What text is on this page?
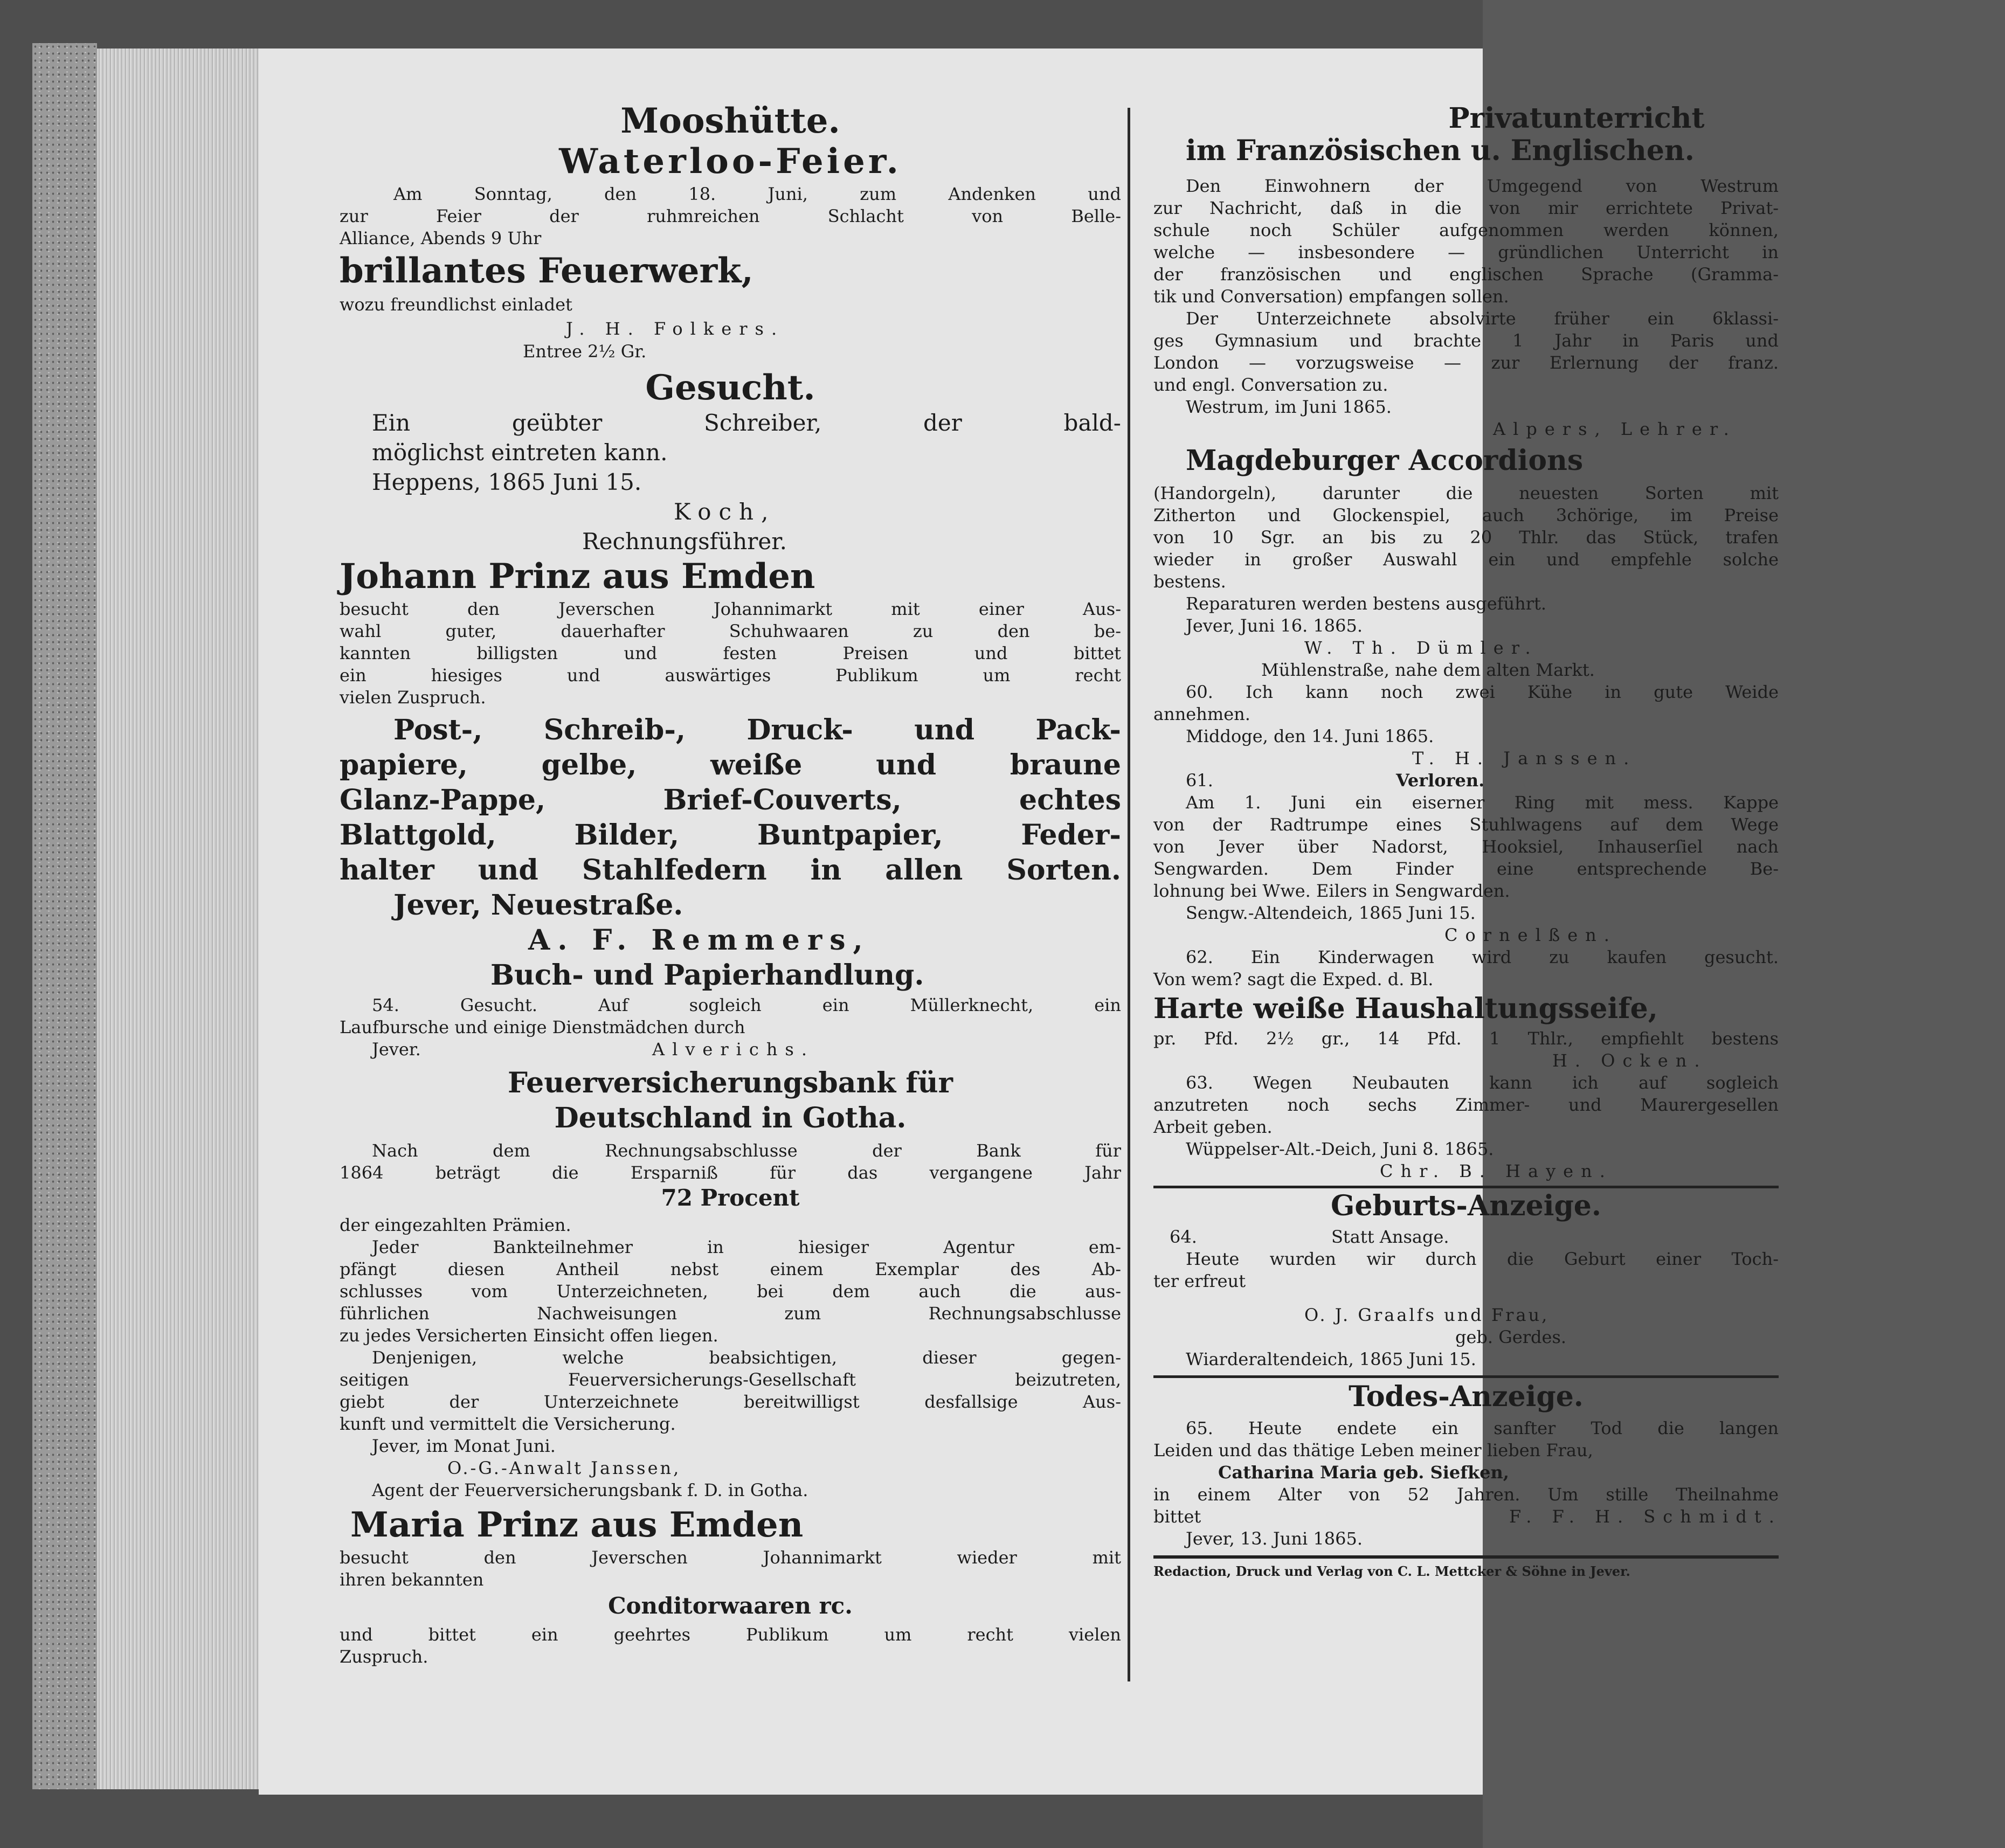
Mooshütte.
Waterloo-Feier.
Am Sonntag, den 18. Juni, zum Andenken und
zur Feier der ruhmreichen Schlacht von Belle-
Alliance, Abends 9 Uhr
brillantes Feuerwerk,
wozu freundlichst einladet
J. H. Folkers.
Entree 2½ Gr.
Gesucht.
Ein geübter Schreiber, der bald-
möglichst eintreten kann.
Heppens, 1865 Juni 15.
Koch,
Rechnungsführer.
Johann Prinz aus Emden
besucht den Jeverschen Johannimarkt mit einer Aus-
wahl guter, dauerhafter Schuhwaaren zu den be-
kannten billigsten und festen Preisen und bittet
ein hiesiges und auswärtiges Publikum um recht
vielen Zuspruch.
Post-, Schreib-, Druck- und Pack-
papiere, gelbe, weiße und braune
Glanz-Pappe, Brief-Couverts, echtes
Blattgold, Bilder, Buntpapier, Feder-
halter und Stahlfedern in allen Sorten.
Jever, Neuestraße.
A. F. Remmers,
Buch- und Papierhandlung.
54. Gesucht. Auf sogleich ein Müllerknecht, ein
Laufbursche und einige Dienstmädchen durch
Jever.	Alverichs.
Feuerversicherungsbank für
Deutschland in Gotha.
Nach dem Rechnungsabschlusse der Bank für
1864 beträgt die Ersparniß für das vergangene Jahr
72 Procent
der eingezahlten Prämien.
Jeder Bankteilnehmer in hiesiger Agentur em-
pfängt diesen Antheil nebst einem Exemplar des Ab-
schlusses vom Unterzeichneten, bei dem auch die aus-
führlichen Nachweisungen zum Rechnungsabschlusse
zu jedes Versicherten Einsicht offen liegen.
Denjenigen, welche beabsichtigen, dieser gegen-
seitigen Feuerversicherungs-Gesellschaft beizutreten,
giebt der Unterzeichnete bereitwilligst desfallsige Aus-
kunft und vermittelt die Versicherung.
Jever, im Monat Juni.
O.-G.-Anwalt Janssen,
Agent der Feuerversicherungsbank f. D. in Gotha.
Maria Prinz aus Emden
besucht den Jeverschen Johannimarkt wieder mit
ihren bekannten
Conditorwaaren rc.
und bittet ein geehrtes Publikum um recht vielen
Zuspruch.
Privatunterricht
im Französischen u. Englischen.
Den Einwohnern der Umgegend von Westrum
zur Nachricht, daß in die von mir errichtete Privat-
schule noch Schüler aufgenommen werden können,
welche — insbesondere — gründlichen Unterricht in
der französischen und englischen Sprache (Gramma-
tik und Conversation) empfangen sollen.
Der Unterzeichnete absolvirte früher ein 6klassi-
ges Gymnasium und brachte 1 Jahr in Paris und
London — vorzugsweise — zur Erlernung der franz.
und engl. Conversation zu.
Westrum, im Juni 1865.
Alpers, Lehrer.
Magdeburger Accordions
(Handorgeln), darunter die neuesten Sorten mit
Zitherton und Glockenspiel, auch 3chörige, im Preise
von 10 Sgr. an bis zu 20 Thlr. das Stück, trafen
wieder in großer Auswahl ein und empfehle solche
bestens.
Reparaturen werden bestens ausgeführt.
Jever, Juni 16. 1865.
W. Th. Dümler.
Mühlenstraße, nahe dem alten Markt.
60. Ich kann noch zwei Kühe in gute Weide
annehmen.
Middoge, den 14. Juni 1865.
T. H. Janssen.
61.	Verloren.
Am 1. Juni ein eiserner Ring mit mess. Kappe
von der Radtrumpe eines Stuhlwagens auf dem Wege
von Jever über Nadorst, Hooksiel, Inhauserſiel nach
Sengwarden. Dem Finder eine entsprechende Be-
lohnung bei Wwe. Eilers in Sengwarden.
Sengw.-Altendeich, 1865 Juni 15.
Cornelßen.
62. Ein Kinderwagen wird zu kaufen gesucht.
Von wem? sagt die Exped. d. Bl.
Harte weiße Haushaltungsseife,
pr. Pfd. 2½ gr., 14 Pfd. 1 Thlr., empfiehlt bestens
H. Ocken.
63. Wegen Neubauten kann ich auf sogleich
anzutreten noch sechs Zimmer- und Maurergesellen
Arbeit geben.
Wüppelser-Alt.-Deich, Juni 8. 1865.
Chr. B. Hayen.
Geburts-Anzeige.
64.	Statt Ansage.
Heute wurden wir durch die Geburt einer Toch-
ter erfreut
O. J. Graalfs und Frau,
geb. Gerdes.
Wiarderaltendeich, 1865 Juni 15.
Todes-Anzeige.
65. Heute endete ein sanfter Tod die langen
Leiden und das thätige Leben meiner lieben Frau,
Catharina Maria geb. Siefken,
in einem Alter von 52 Jahren. Um stille Theilnahme
bittet	F. F. H. Schmidt.
Jever, 13. Juni 1865.
Redaction, Druck und Verlag von C. L. Mettcker & Söhne in Jever.
